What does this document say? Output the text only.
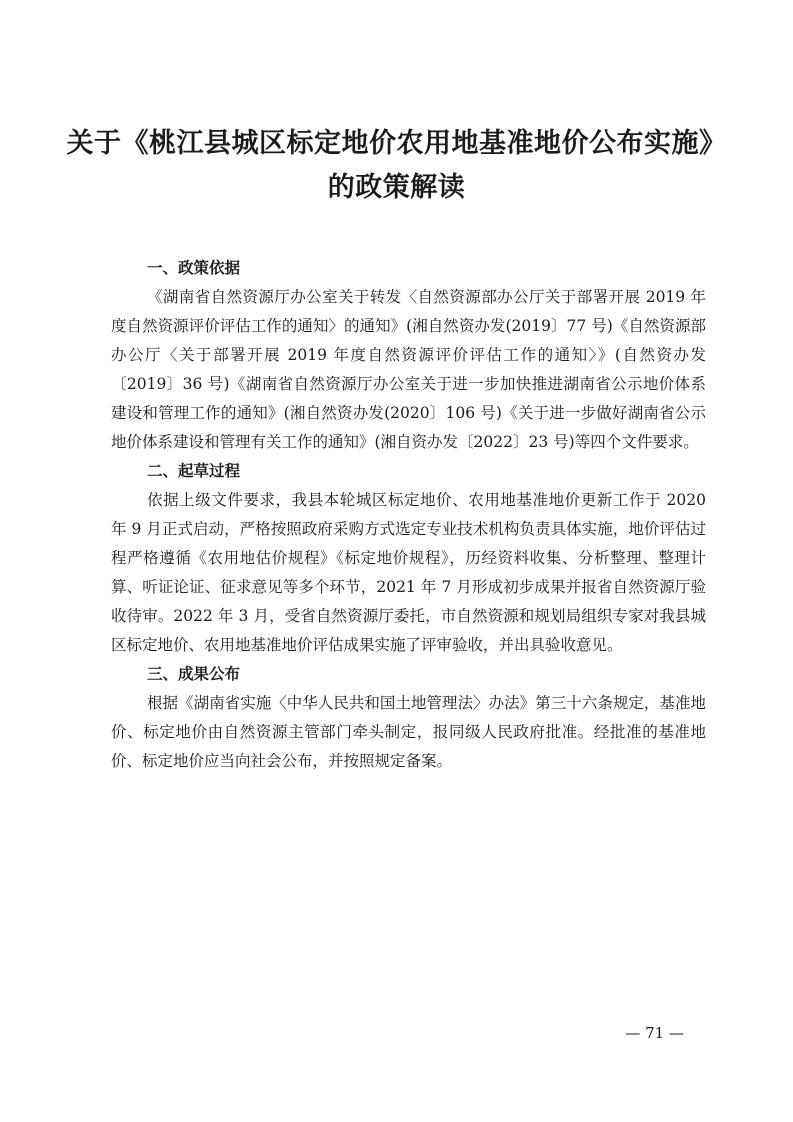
关于《桃江县城区标定地价农用地基准地价公布实施》
的政策解读
一、政策依据

《湖南省自然资源厅办公室关于转发〈自然资源部办公厅关于部署开展 2019 年度自然资源评价评估工作的通知〉的通知》(湘自然资办发(2019〕77 号)《自然资源部办公厅〈关于部署开展 2019 年度自然资源评价评估工作的通知〉》(自然资办发〔2019〕36 号)《湖南省自然资源厅办公室关于进一步加快推进湖南省公示地价体系建设和管理工作的通知》(湘自然资办发(2020〕106 号)《关于进一步做好湖南省公示地价体系建设和管理有关工作的通知》(湘自资办发〔2022〕23 号)等四个文件要求。

二、起草过程

依据上级文件要求，我县本轮城区标定地价、农用地基准地价更新工作于 2020 年 9 月正式启动，严格按照政府采购方式选定专业技术机构负责具体实施，地价评估过程严格遵循《农用地估价规程》《标定地价规程》，历经资料收集、分析整理、整理计算、听证论证、征求意见等多个环节，2021 年 7 月形成初步成果并报省自然资源厅验收待审。2022 年 3 月，受省自然资源厅委托，市自然资源和规划局组织专家对我县城区标定地价、农用地基准地价评估成果实施了评审验收，并出具验收意见。

三、成果公布

根据《湖南省实施〈中华人民共和国土地管理法〉办法》第三十六条规定，基准地价、标定地价由自然资源主管部门牵头制定，报同级人民政府批准。经批准的基准地价、标定地价应当向社会公布，并按照规定备案。

— 71 —
